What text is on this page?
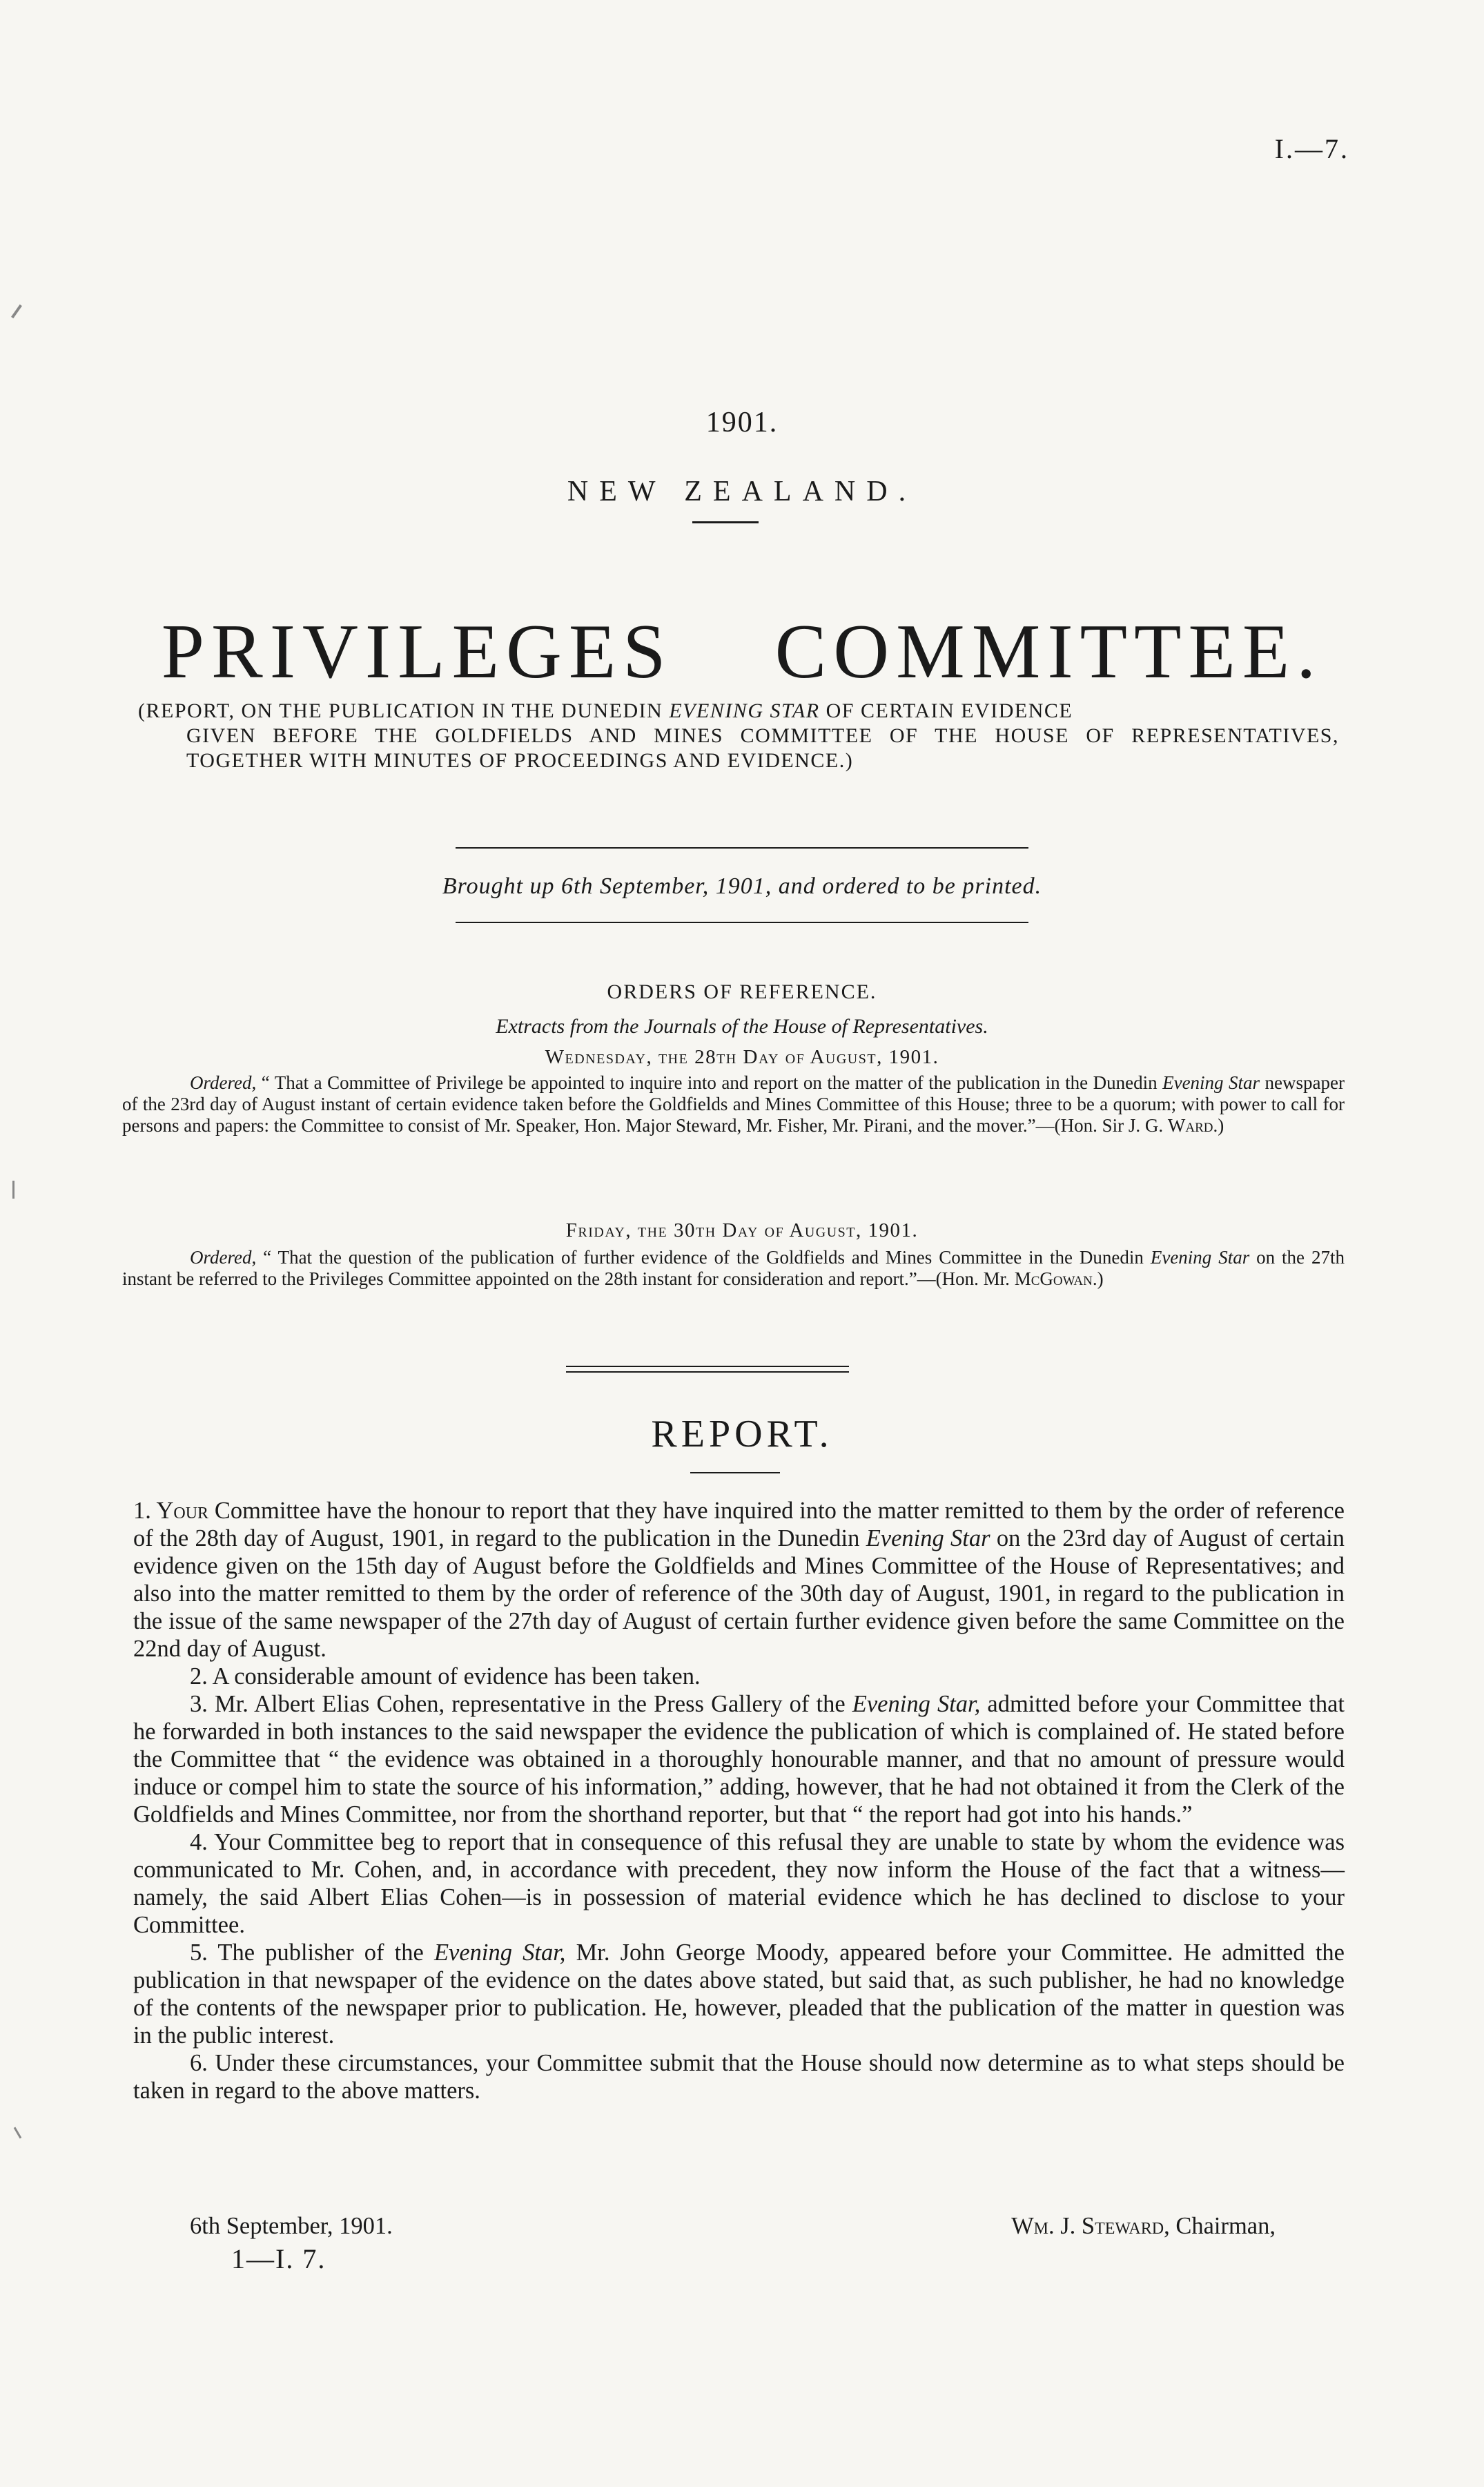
I.—7.
1901.
NEW ZEALAND.
PRIVILEGES COMMITTEE.
(REPORT, ON THE PUBLICATION IN THE DUNEDIN EVENING STAR OF CERTAIN EVIDENCE
GIVEN BEFORE THE GOLDFIELDS AND MINES COMMITTEE OF THE HOUSE OF REPRESENTATIVES, TOGETHER WITH MINUTES OF PROCEEDINGS AND EVIDENCE.)
Brought up 6th September, 1901, and ordered to be printed.
ORDERS OF REFERENCE.
Extracts from the Journals of the House of Representatives.
Wednesday, the 28th Day of August, 1901.
Ordered, “ That a Committee of Privilege be appointed to inquire into and report on the matter of the publication in the Dunedin Evening Star newspaper of the 23rd day of August instant of certain evidence taken before the Goldfields and Mines Committee of this House; three to be a quorum; with power to call for persons and papers: the Committee to consist of Mr. Speaker, Hon. Major Steward, Mr. Fisher, Mr. Pirani, and the mover.”—(Hon. Sir J. G. Ward.)
Friday, the 30th Day of August, 1901.
Ordered, “ That the question of the publication of further evidence of the Goldfields and Mines Committee in the Dunedin Evening Star on the 27th instant be referred to the Privileges Committee appointed on the 28th instant for consideration and report.”—(Hon. Mr. McGowan.)
REPORT.

1. Your Committee have the honour to report that they have inquired into the matter remitted to them by the order of reference of the 28th day of August, 1901, in regard to the publication in the Dunedin Evening Star on the 23rd day of August of certain evidence given on the 15th day of August before the Goldfields and Mines Committee of the House of Representatives; and also into the matter remitted to them by the order of reference of the 30th day of August, 1901, in regard to the publication in the issue of the same newspaper of the 27th day of August of certain further evidence given before the same Committee on the 22nd day of August.

2. A considerable amount of evidence has been taken.

3. Mr. Albert Elias Cohen, representative in the Press Gallery of the Evening Star, admitted before your Committee that he forwarded in both instances to the said newspaper the evidence the publication of which is complained of. He stated before the Committee that “ the evidence was obtained in a thoroughly honourable manner, and that no amount of pressure would induce or compel him to state the source of his information,” adding, however, that he had not obtained it from the Clerk of the Goldfields and Mines Committee, nor from the shorthand reporter, but that “ the report had got into his hands.”

4. Your Committee beg to report that in consequence of this refusal they are unable to state by whom the evidence was communicated to Mr. Cohen, and, in accordance with precedent, they now inform the House of the fact that a witness—namely, the said Albert Elias Cohen—is in possession of material evidence which he has declined to disclose to your Committee.

5. The publisher of the Evening Star, Mr. John George Moody, appeared before your Committee. He admitted the publication in that newspaper of the evidence on the dates above stated, but said that, as such publisher, he had no knowledge of the contents of the newspaper prior to publication. He, however, pleaded that the publication of the matter in question was in the public interest.

6. Under these circumstances, your Committee submit that the House should now determine as to what steps should be taken in regard to the above matters.

6th September, 1901.	Wm. J. Steward, Chairman,
1—I. 7.
